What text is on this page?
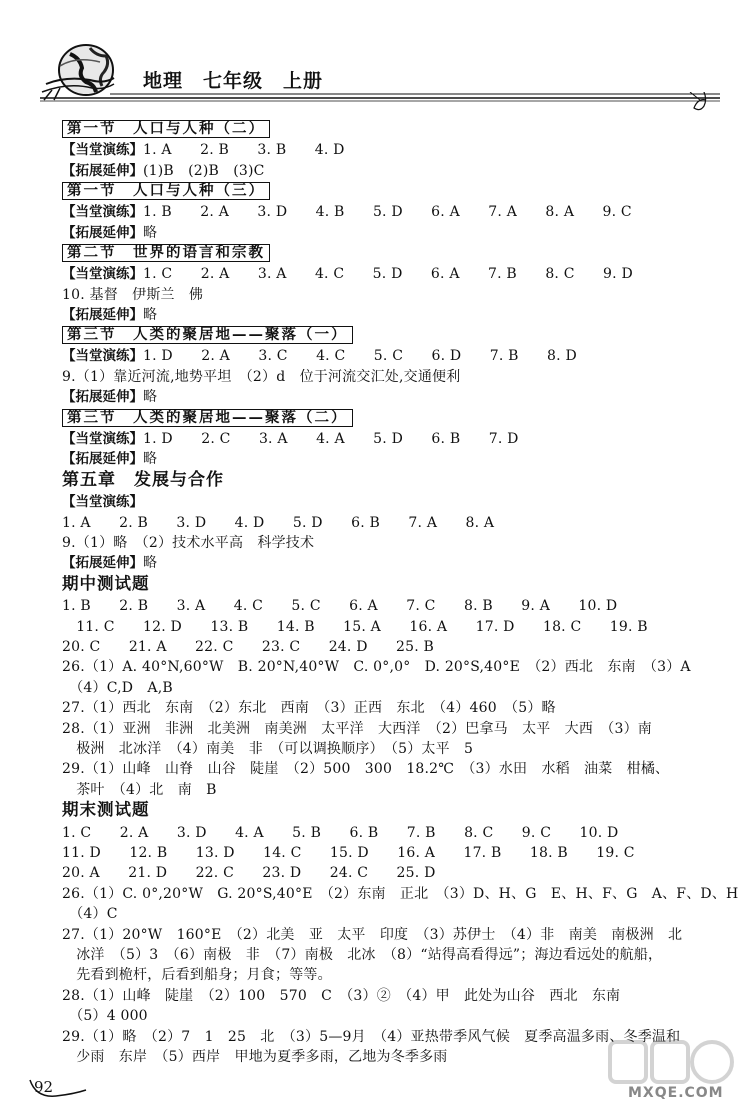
地理　七年级　上册
第一节　人口与人种（二）
【当堂演练】1. A　　2. B　　3. B　　4. D
【拓展延伸】(1)B　(2)B　(3)C
第一节　人口与人种（三）
【当堂演练】1. B　　2. A　　3. D　　4. B　　5. D　　6. A　　7. A　　8. A　　9. C
【拓展延伸】略
第二节　世界的语言和宗教
【当堂演练】1. C　　2. A　　3. A　　4. C　　5. D　　6. A　　7. B　　8. C　　9. D
10. 基督　伊斯兰　佛
【拓展延伸】略
第三节　人类的聚居地——聚落（一）
【当堂演练】1. D　　2. A　　3. C　　4. C　　5. C　　6. D　　7. B　　8. D
9.（1）靠近河流,地势平坦　（2）d　位于河流交汇处,交通便利
【拓展延伸】略
第三节　人类的聚居地——聚落（二）
【当堂演练】1. D　　2. C　　3. A　　4. A　　5. D　　6. B　　7. D
【拓展延伸】略
第五章　发展与合作
【当堂演练】
1. A　　2. B　　3. D　　4. D　　5. D　　6. B　　7. A　　8. A
9.（1）略　（2）技术水平高　科学技术
【拓展延伸】略
期中测试题
1. B　　2. B　　3. A　　4. C　　5. C　　6. A　　7. C　　8. B　　9. A　　10. D
　11. C　　12. D　　13. B　　14. B　　15. A　　16. A　　17. D　　18. C　　19. B
20. C　　21. A　　22. C　　23. C　　24. D　　25. B
26.（1）A. 40°N,60°W　B. 20°N,40°W　C. 0°,0°　D. 20°S,40°E　（2）西北　东南　（3）A
　（4）C,D　A,B
27.（1）西北　东南　（2）东北　西南　（3）正西　东北　（4）460　（5）略
28.（1）亚洲　非洲　北美洲　南美洲　太平洋　大西洋　（2）巴拿马　太平　大西　（3）南
　极洲　北冰洋　（4）南美　非　（可以调换顺序）　（5）太平　5
29.（1）山峰　山脊　山谷　陡崖　（2）500　300　18.2℃　（3）水田　水稻　油菜　柑橘、
　茶叶　（4）北　南　B
期末测试题
1. C　　2. A　　3. D　　4. A　　5. B　　6. B　　7. B　　8. C　　9. C　　10. D
11. D　　12. B　　13. D　　14. C　　15. D　　16. A　　17. B　　18. B　　19. C
20. A　　21. D　　22. C　　23. D　　24. C　　25. D
26.（1）C. 0°,20°W　G. 20°S,40°E　（2）东南　正北　（3）D、H、G　E、H、F、G　A、F、D、H
　（4）C
27.（1）20°W　160°E　（2）北美　亚　太平　印度　（3）苏伊士　（4）非　南美　南极洲　北
　冰洋　（5）3　（6）南极　非　（7）南极　北冰　（8）“站得高看得远”；海边看远处的航船，
　先看到桅杆，后看到船身；月食；等等。
28.（1）山峰　陡崖　（2）100　570　C　（3）②　（4）甲　此处为山谷　西北　东南
　（5）4 000
29.（1）略　（2）7　1　25　北　（3）5—9月　（4）亚热带季风气候　夏季高温多雨、冬季温和
　少雨　东岸　（5）西岸　甲地为夏季多雨，乙地为冬季多雨
92	MXQE.COM
